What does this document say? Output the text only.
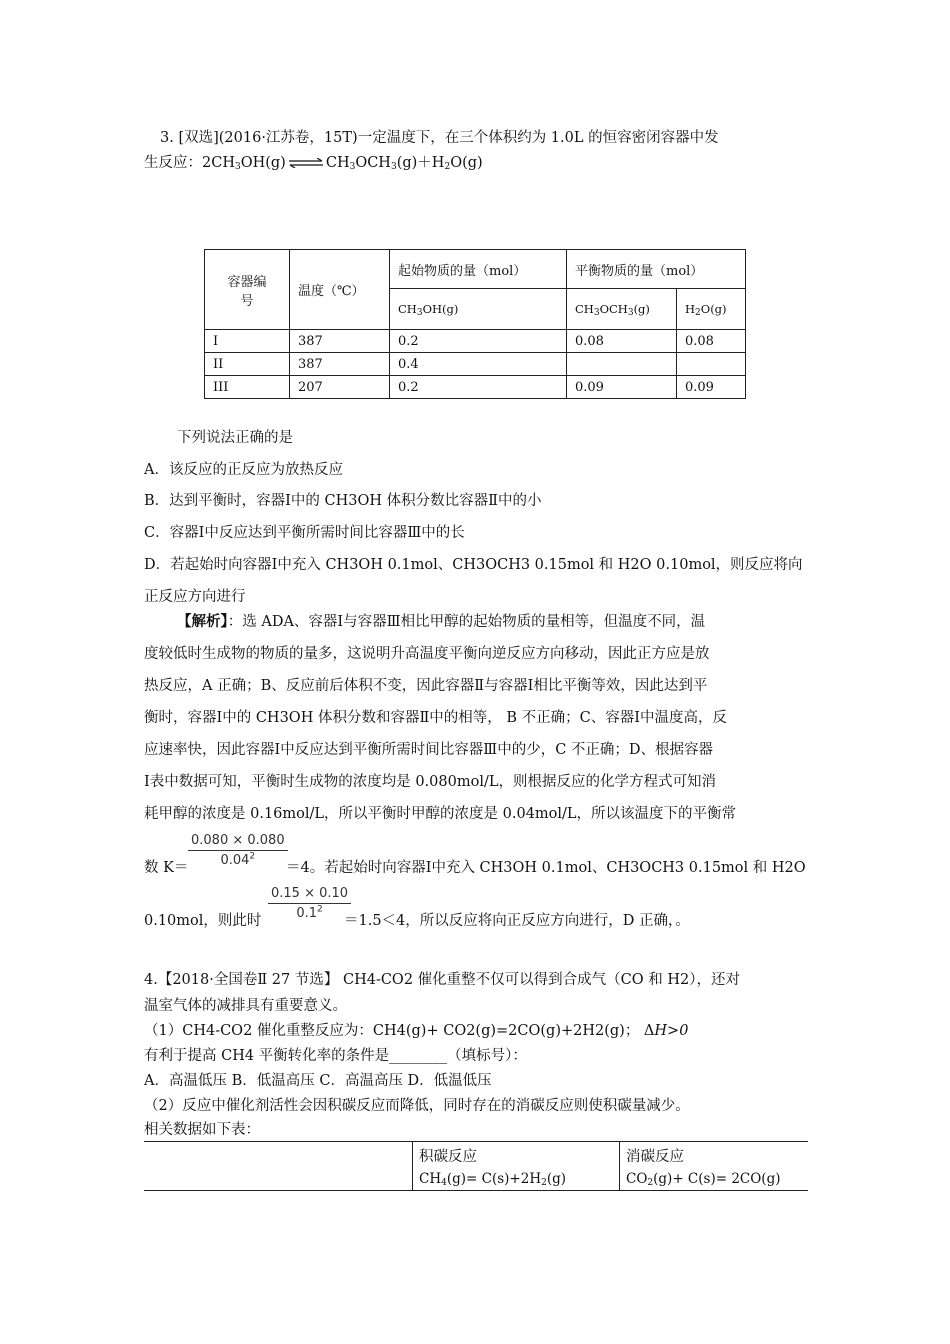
3. [双选](2016·江苏卷，15T)一定温度下，在三个体积约为 1.0L 的恒容密闭容器中发
生反应：$2CH_3OH(g)$ ⇌ $CH_3OCH_3(g)+H_2O(g)$
容器编
号	温度（℃）	起始物质的量（mol）	平衡物质的量（mol）	
		$CH_3OH(g)$	$CH_3OCH_3(g)$	$H_2O(g)$
I	387	0.2	0.08	0.08
II	387	0.4		
III	207	0.2	0.09	0.09
下列说法正确的是
A．该反应的正反应为放热反应
B．达到平衡时，容器Ⅰ中的 CH3OH 体积分数比容器Ⅱ中的小
C．容器Ⅰ中反应达到平衡所需时间比容器Ⅲ中的长
D．若起始时向容器Ⅰ中充入 CH3OH 0.1mol、CH3OCH3 0.15mol 和 H2O 0.10mol，则反应将向
正反应方向进行
【解析】：选 ADA、容器Ⅰ与容器Ⅲ相比甲醇的起始物质的量相等，但温度不同，温
度较低时生成物的物质的量多，这说明升高温度平衡向逆反应方向移动，因此正方应是放
热反应，A 正确；B、反应前后体积不变，因此容器Ⅱ与容器Ⅰ相比平衡等效，因此达到平
衡时，容器Ⅰ中的 CH3OH 体积分数和容器Ⅱ中的相等， B 不正确；C、容器Ⅰ中温度高，反
应速率快，因此容器Ⅰ中反应达到平衡所需时间比容器Ⅲ中的少，C 不正确；D、根据容器
Ⅰ表中数据可知，平衡时生成物的浓度均是 0.080mol/L，则根据反应的化学方程式可知消
耗甲醇的浓度是 0.16mol/L，所以平衡时甲醇的浓度是 0.04mol/L，所以该温度下的平衡常
数 $K= \frac{0.080 \times 0.080}{0.04^2}$
＝4。若起始时向容器Ⅰ中充入 CH3OH 0.1mol、CH3OCH3 0.15mol 和 H2O
0.10mol，则此时 $\frac{0.15 \times 0.10}{0.1^2}$
＝1.5＜4，所以反应将向正反应方向进行，D 正确，。
4.【2018·全国卷Ⅱ 27 节选】 CH4-CO2 催化重整不仅可以得到合成气（CO 和 H2），还对
温室气体的减排具有重要意义。
（1）CH4-CO2 催化重整反应为：CH4(g)+ CO2(g)=2CO(g)+2H2(g)； ΔH>0
有利于提高 CH4 平衡转化率的条件是________（填标号）：
A．高温低压 B．低温高压 C．高温高压 D．低温低压
（2）反应中催化剂活性会因积碳反应而降低，同时存在的消碳反应则使积碳量减少。
相关数据如下表：
	积碳反应	消碳反应
	$CH_4(g)= C(s)+2H_2(g)$	$CO_2(g)+ C(s)= 2CO(g)$
